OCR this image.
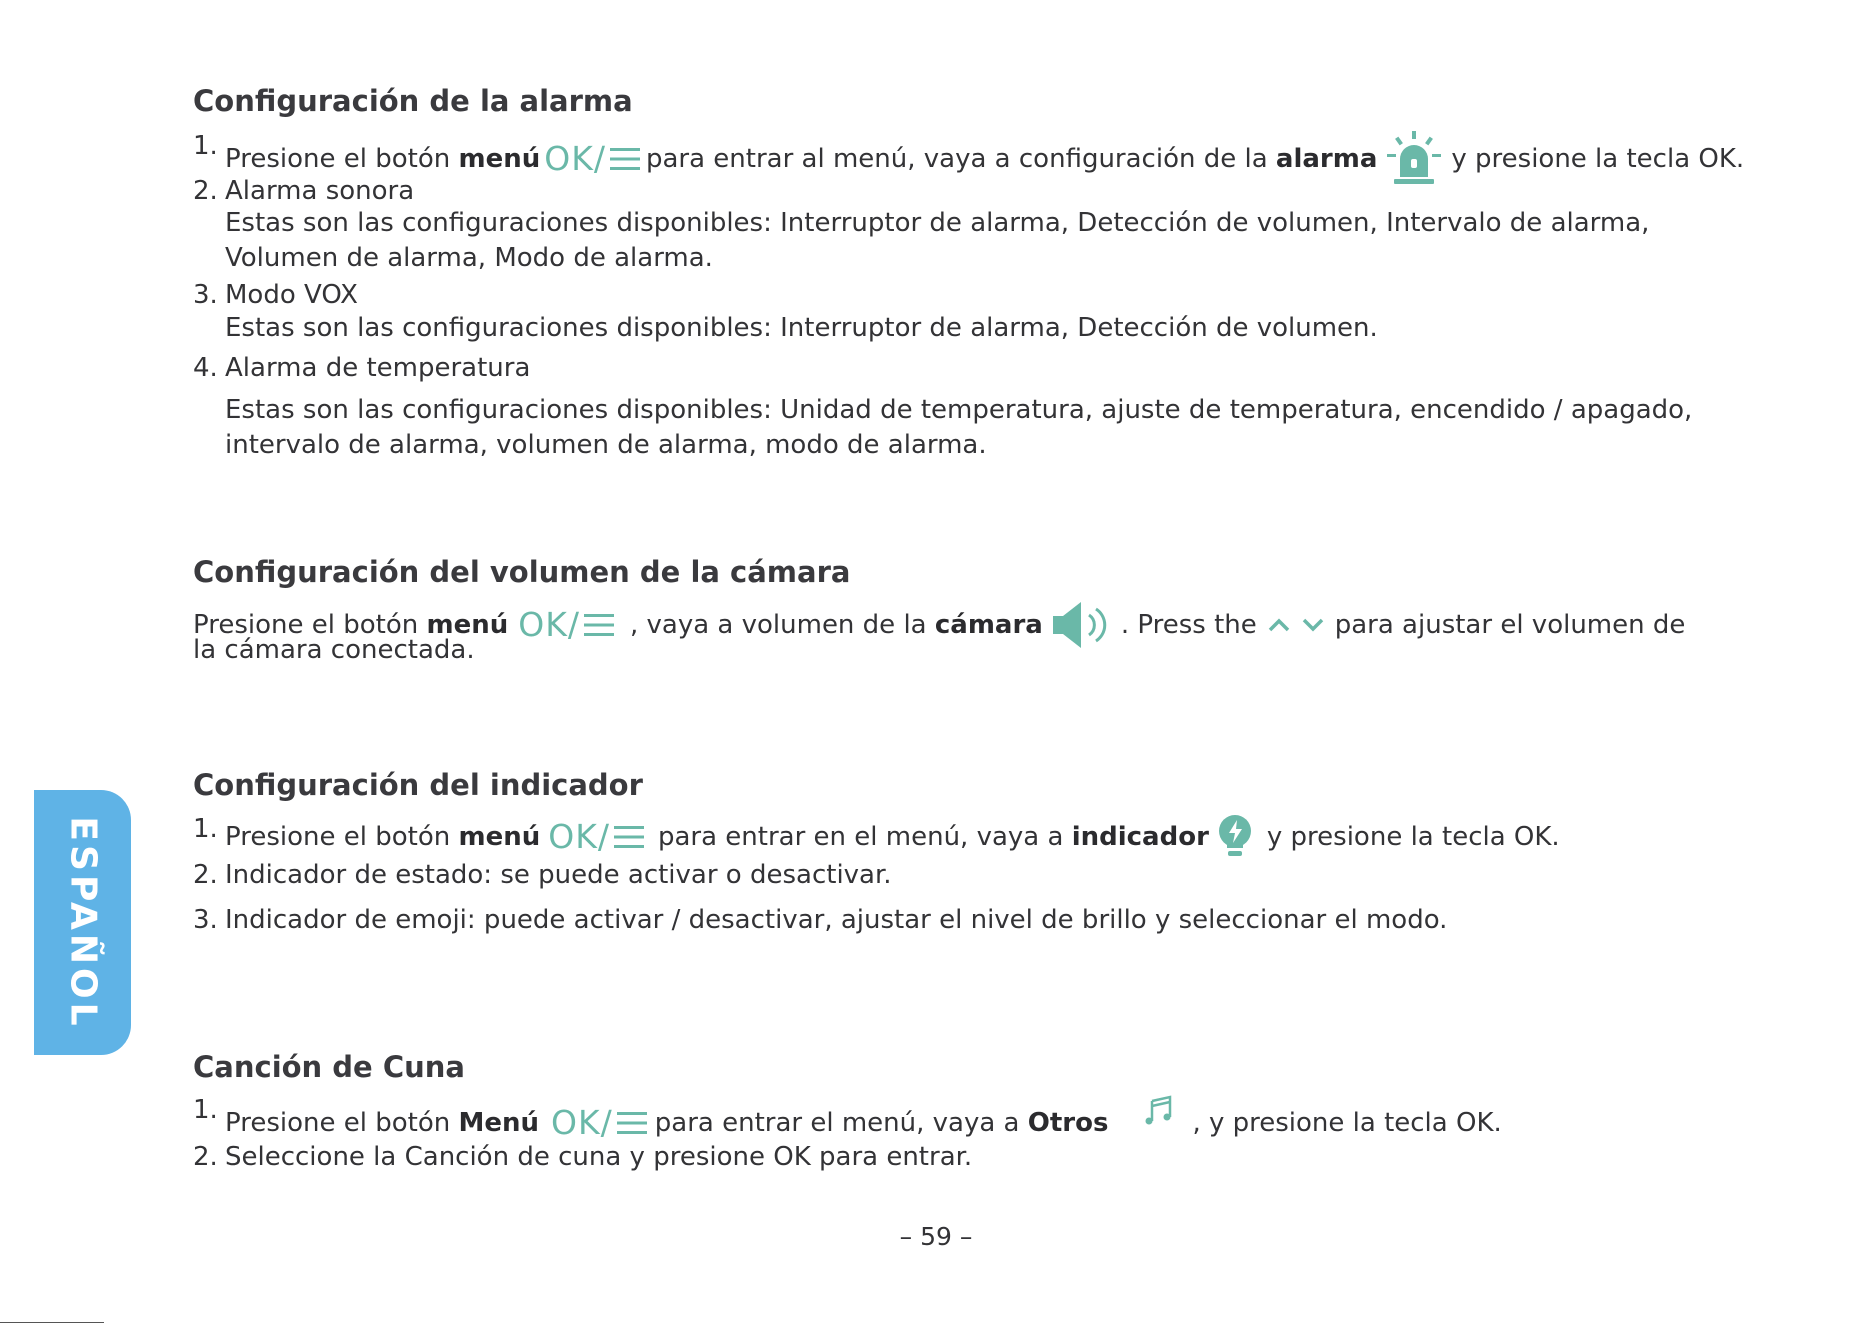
Configuración de la alarma
1. Presione el botón
menú OK/ para entrar al menú, vaya a configuración de la
alarma	y presione la tecla OK.
2. Alarma sonora
Estas son las configuraciones disponibles: Interruptor de alarma, Detección de volumen, Intervalo de alarma,
Volumen de alarma, Modo de alarma.
3. Modo VOX
Estas son las configuraciones disponibles: Interruptor de alarma, Detección de volumen.
4. Alarma de temperatura
Estas son las configuraciones disponibles: Unidad de temperatura, ajuste de temperatura, encendido / apagado,
intervalo de alarma, volumen de alarma, modo de alarma.
Configuración del volumen de la cámara
Presione el botón
menú OK/ , vaya a volumen de la
cámara	. Press the	para ajustar el volumen de
la cámara conectada.
Configuración del indicador
1. Presione el botón
menú OK/ para entrar en el menú, vaya a
indicador y presione la tecla OK.
2. Indicador de estado: se puede activar o desactivar.
3. Indicador de emoji: puede activar / desactivar, ajustar el nivel de brillo y seleccionar el modo.
Canción de Cuna
1. Presione el botón
Menú OK/ para entrar el menú, vaya a
Otros	, y presione la tecla OK.
2. Seleccione la Canción de cuna y presione OK para entrar.
ESPAÑOL
– 59 –
